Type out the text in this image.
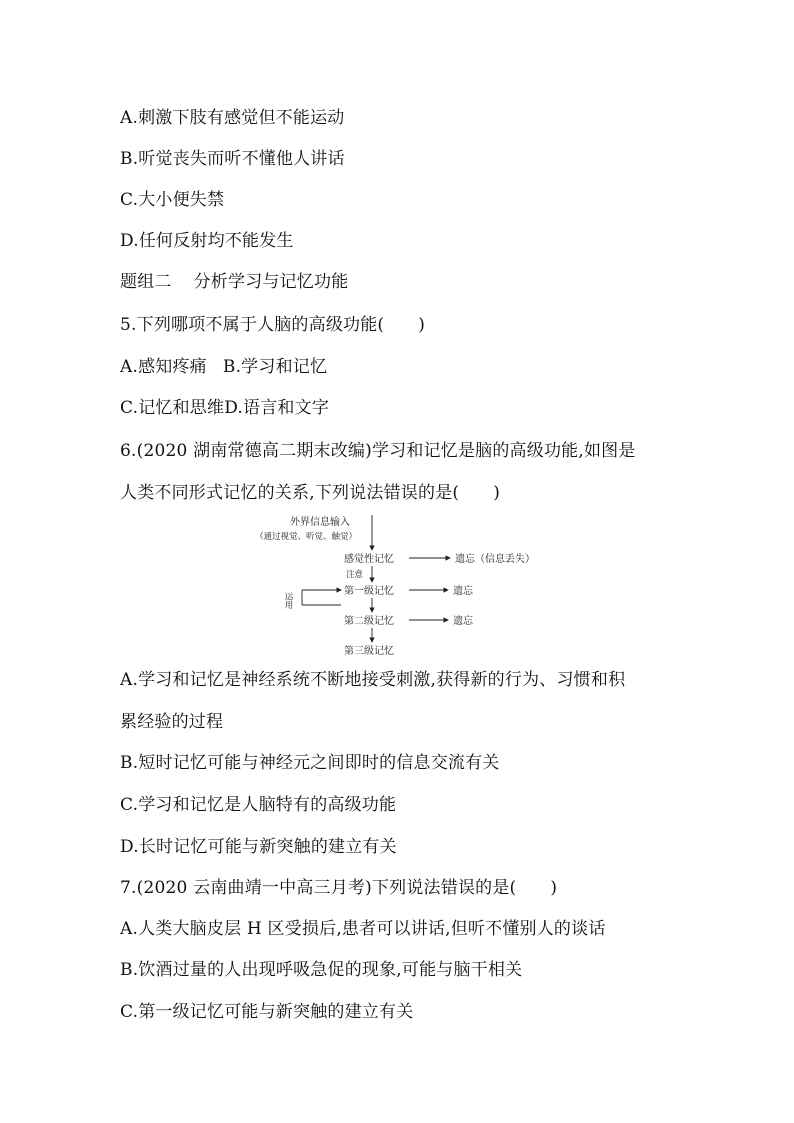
A.刺激下肢有感觉但不能运动
B.听觉丧失而听不懂他人讲话
C.大小便失禁
D.任何反射均不能发生
题组二 分析学习与记忆功能
5.下列哪项不属于人脑的高级功能( )
A.感知疼痛 B.学习和记忆
C.记忆和思维D.语言和文字
6.(2020 湖南常德高二期末改编)学习和记忆是脑的高级功能,如图是
人类不同形式记忆的关系,下列说法错误的是( )
外界信息输入
（通过视觉、听觉、触觉）
感觉性记忆	遗忘（信息丢失）
注意
第一级记忆	遗忘
运用
第二级记忆	遗忘
第三级记忆
A.学习和记忆是神经系统不断地接受刺激,获得新的行为、习惯和积
累经验的过程
B.短时记忆可能与神经元之间即时的信息交流有关
C.学习和记忆是人脑特有的高级功能
D.长时记忆可能与新突触的建立有关
7.(2020 云南曲靖一中高三月考)下列说法错误的是( )
A.人类大脑皮层 H 区受损后,患者可以讲话,但听不懂别人的谈话
B.饮酒过量的人出现呼吸急促的现象,可能与脑干相关
C.第一级记忆可能与新突触的建立有关
